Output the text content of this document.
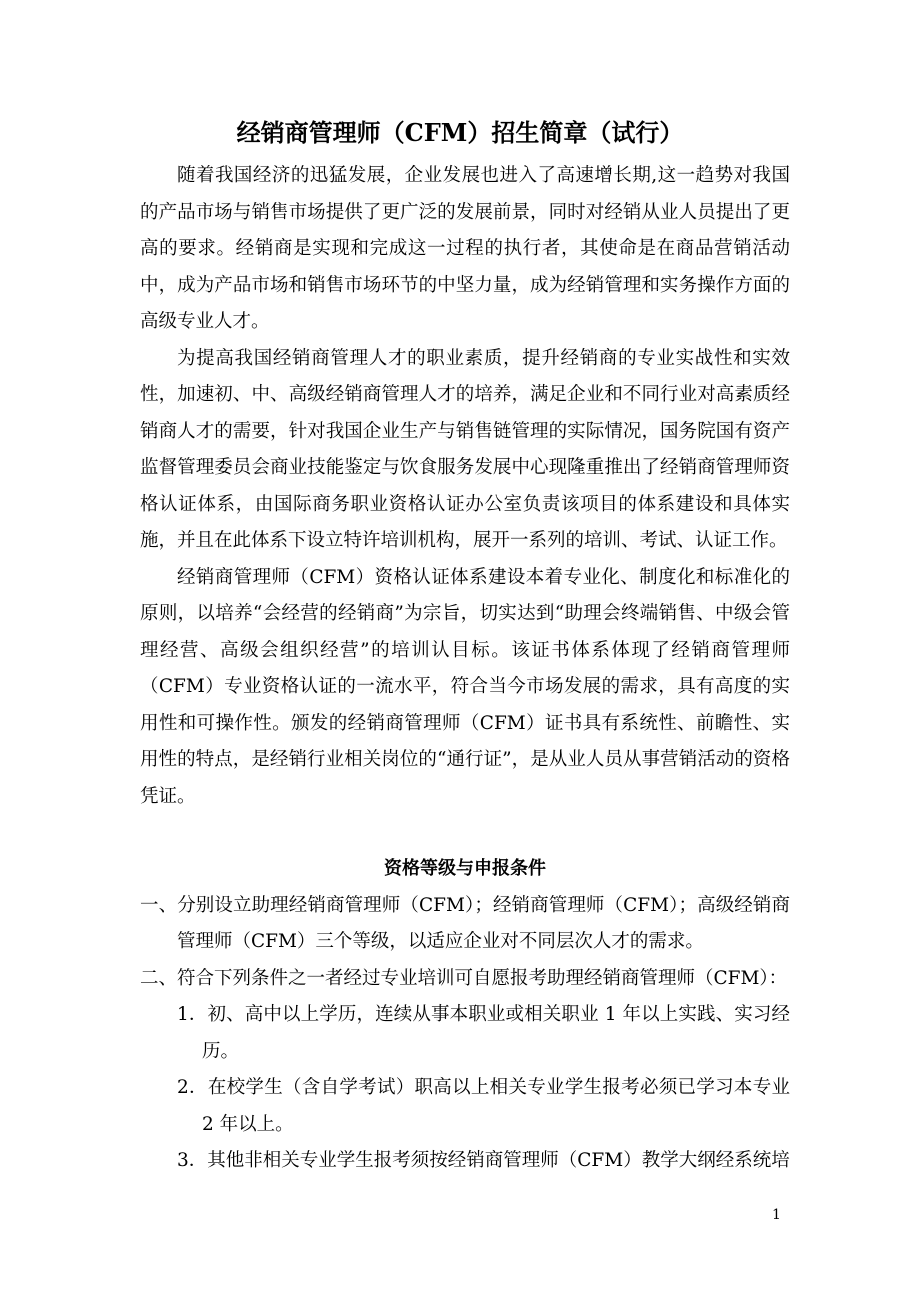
经销商管理师（CFM）招生简章（试行）

随着我国经济的迅猛发展，企业发展也进入了高速增长期,这一趋势对我国的产品市场与销售市场提供了更广泛的发展前景，同时对经销从业人员提出了更高的要求。经销商是实现和完成这一过程的执行者，其使命是在商品营销活动中，成为产品市场和销售市场环节的中坚力量，成为经销管理和实务操作方面的高级专业人才。

为提高我国经销商管理人才的职业素质，提升经销商的专业实战性和实效性，加速初、中、高级经销商管理人才的培养，满足企业和不同行业对高素质经销商人才的需要，针对我国企业生产与销售链管理的实际情况，国务院国有资产监督管理委员会商业技能鉴定与饮食服务发展中心现隆重推出了经销商管理师资格认证体系，由国际商务职业资格认证办公室负责该项目的体系建设和具体实施，并且在此体系下设立特许培训机构，展开一系列的培训、考试、认证工作。

经销商管理师（CFM）资格认证体系建设本着专业化、制度化和标准化的原则，以培养“会经营的经销商”为宗旨，切实达到“助理会终端销售、中级会管理经营、高级会组织经营”的培训认目标。该证书体系体现了经销商管理师（CFM）专业资格认证的一流水平，符合当今市场发展的需求，具有高度的实用性和可操作性。颁发的经销商管理师（CFM）证书具有系统性、前瞻性、实用性的特点，是经销行业相关岗位的“通行证”，是从业人员从事营销活动的资格凭证。

资格等级与申报条件

一、分别设立助理经销商管理师（CFM）；经销商管理师（CFM）；高级经销商管理师（CFM）三个等级，以适应企业对不同层次人才的需求。

二、符合下列条件之一者经过专业培训可自愿报考助理经销商管理师（CFM）：

1．初、高中以上学历，连续从事本职业或相关职业 1 年以上实践、实习经历。

2．在校学生（含自学考试）职高以上相关专业学生报考必须已学习本专业 2 年以上。

3．其他非相关专业学生报考须按经销商管理师（CFM）教学大纲经系统培

1
